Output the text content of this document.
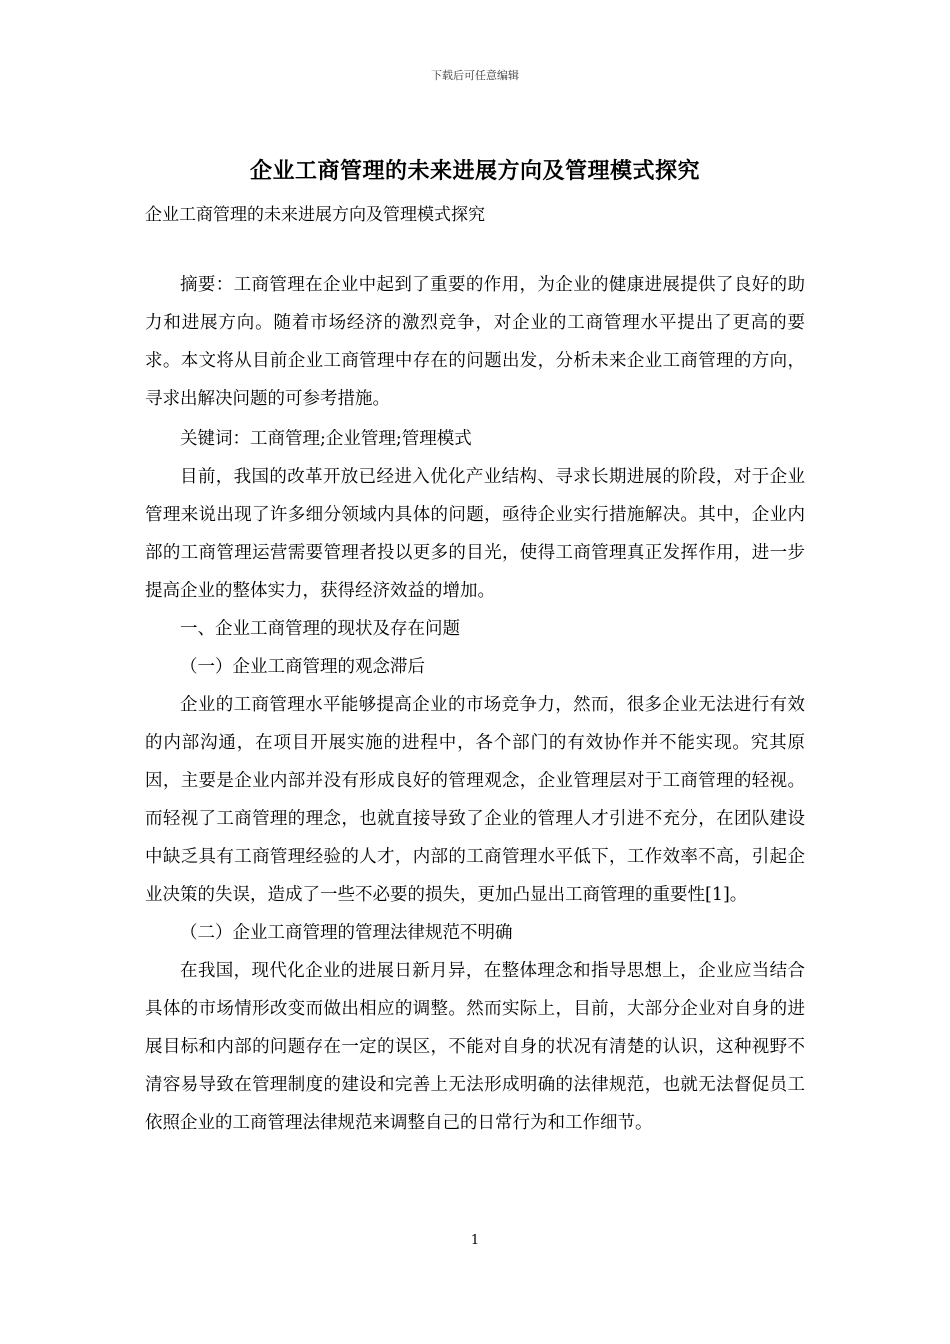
下载后可任意编辑
企业工商管理的未来进展方向及管理模式探究

企业工商管理的未来进展方向及管理模式探究

摘要：工商管理在企业中起到了重要的作用，为企业的健康进展提供了良好的助力和进展方向。随着市场经济的激烈竞争，对企业的工商管理水平提出了更高的要求。本文将从目前企业工商管理中存在的问题出发，分析未来企业工商管理的方向，寻求出解决问题的可参考措施。

关键词：工商管理;企业管理;管理模式

目前，我国的改革开放已经进入优化产业结构、寻求长期进展的阶段，对于企业管理来说出现了许多细分领域内具体的问题，亟待企业实行措施解决。其中，企业内部的工商管理运营需要管理者投以更多的目光，使得工商管理真正发挥作用，进一步提高企业的整体实力，获得经济效益的增加。

一、企业工商管理的现状及存在问题

（一）企业工商管理的观念滞后

企业的工商管理水平能够提高企业的市场竞争力，然而，很多企业无法进行有效的内部沟通，在项目开展实施的进程中，各个部门的有效协作并不能实现。究其原因，主要是企业内部并没有形成良好的管理观念，企业管理层对于工商管理的轻视。而轻视了工商管理的理念，也就直接导致了企业的管理人才引进不充分，在团队建设中缺乏具有工商管理经验的人才，内部的工商管理水平低下，工作效率不高，引起企业决策的失误，造成了一些不必要的损失，更加凸显出工商管理的重要性[1]。

（二）企业工商管理的管理法律规范不明确

在我国，现代化企业的进展日新月异，在整体理念和指导思想上，企业应当结合具体的市场情形改变而做出相应的调整。然而实际上，目前，大部分企业对自身的进展目标和内部的问题存在一定的误区，不能对自身的状况有清楚的认识，这种视野不清容易导致在管理制度的建设和完善上无法形成明确的法律规范，也就无法督促员工依照企业的工商管理法律规范来调整自己的日常行为和工作细节。

1
